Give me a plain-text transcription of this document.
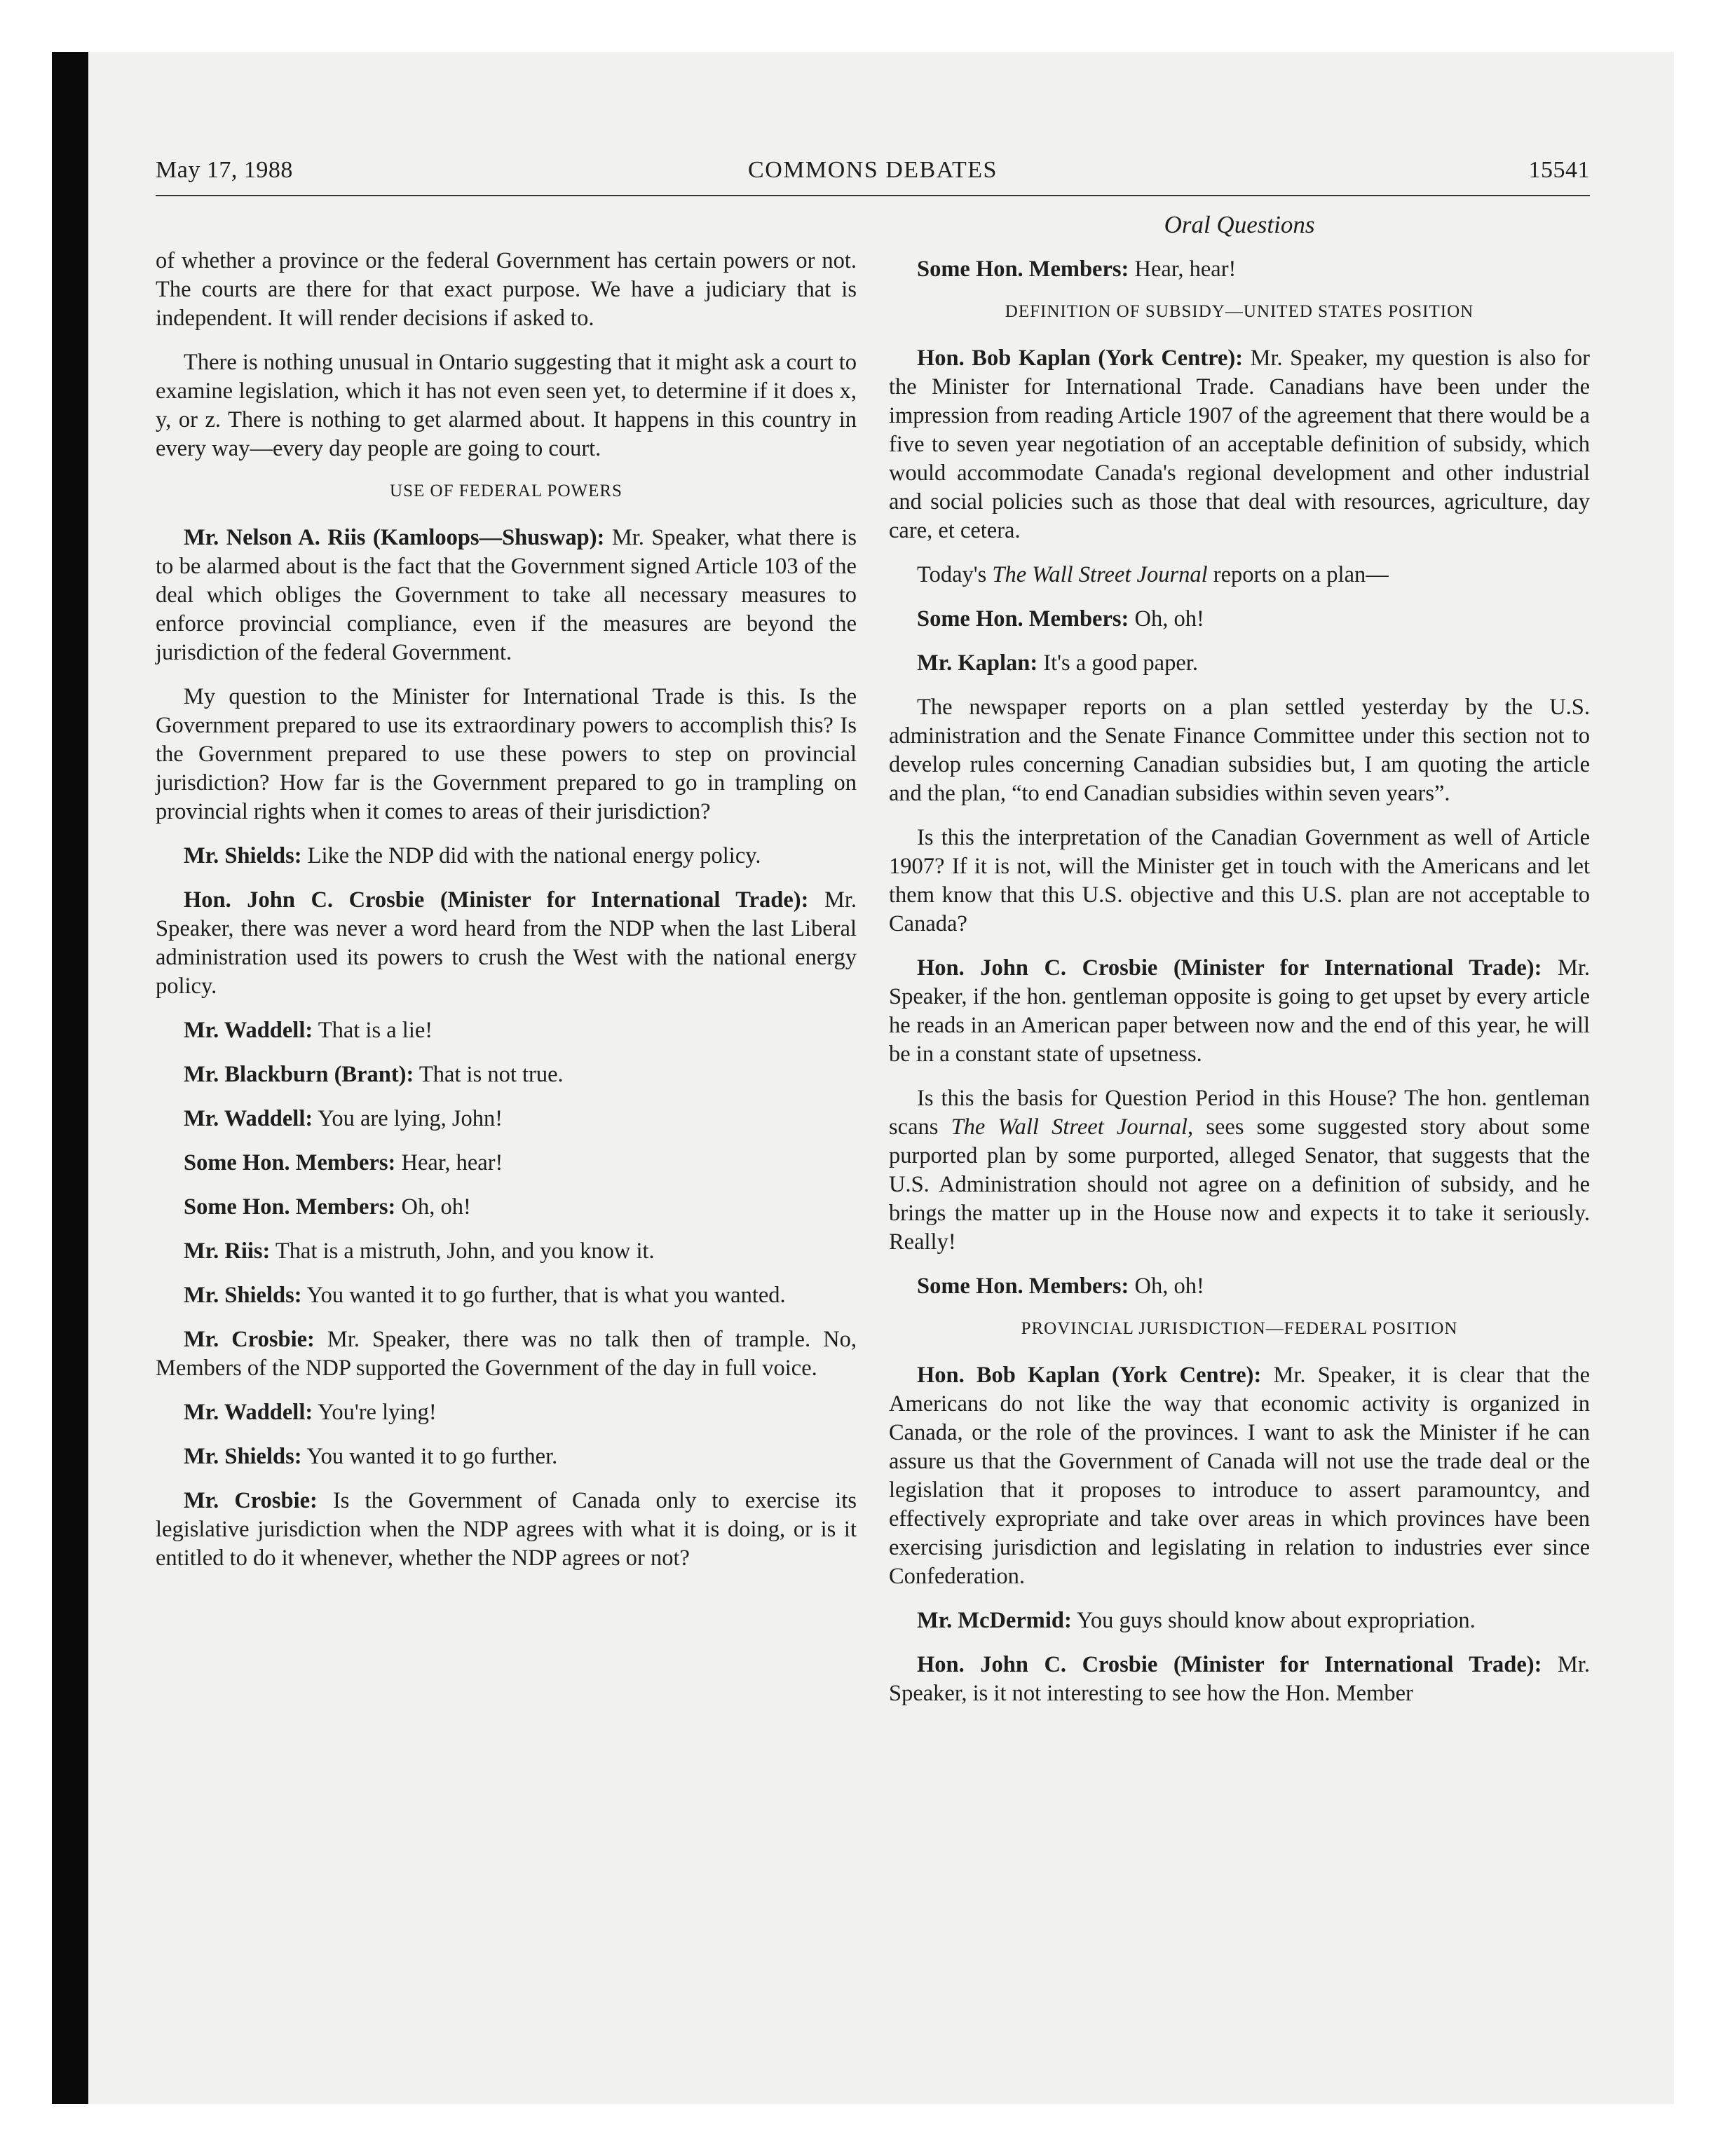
May 17, 1988	COMMONS DEBATES	15541

of whether a province or the federal Government has certain powers or not. The courts are there for that exact purpose. We have a judiciary that is independent. It will render decisions if asked to.

There is nothing unusual in Ontario suggesting that it might ask a court to examine legislation, which it has not even seen yet, to determine if it does x, y, or z. There is nothing to get alarmed about. It happens in this country in every way—every day people are going to court.

USE OF FEDERAL POWERS

Mr. Nelson A. Riis (Kamloops—Shuswap): Mr. Speaker, what there is to be alarmed about is the fact that the Government signed Article 103 of the deal which obliges the Government to take all necessary measures to enforce provincial compliance, even if the measures are beyond the jurisdiction of the federal Government.

My question to the Minister for International Trade is this. Is the Government prepared to use its extraordinary powers to accomplish this? Is the Government prepared to use these powers to step on provincial jurisdiction? How far is the Government prepared to go in trampling on provincial rights when it comes to areas of their jurisdiction?

Mr. Shields: Like the NDP did with the national energy policy.

Hon. John C. Crosbie (Minister for International Trade): Mr. Speaker, there was never a word heard from the NDP when the last Liberal administration used its powers to crush the West with the national energy policy.

Mr. Waddell: That is a lie!

Mr. Blackburn (Brant): That is not true.

Mr. Waddell: You are lying, John!

Some Hon. Members: Hear, hear!

Some Hon. Members: Oh, oh!

Mr. Riis: That is a mistruth, John, and you know it.

Mr. Shields: You wanted it to go further, that is what you wanted.

Mr. Crosbie: Mr. Speaker, there was no talk then of trample. No, Members of the NDP supported the Government of the day in full voice.

Mr. Waddell: You're lying!

Mr. Shields: You wanted it to go further.

Mr. Crosbie: Is the Government of Canada only to exercise its legislative jurisdiction when the NDP agrees with what it is doing, or is it entitled to do it whenever, whether the NDP agrees or not?

Oral Questions

Some Hon. Members: Hear, hear!

DEFINITION OF SUBSIDY—UNITED STATES POSITION

Hon. Bob Kaplan (York Centre): Mr. Speaker, my question is also for the Minister for International Trade. Canadians have been under the impression from reading Article 1907 of the agreement that there would be a five to seven year negotiation of an acceptable definition of subsidy, which would accommodate Canada's regional development and other industrial and social policies such as those that deal with resources, agriculture, day care, et cetera.

Today's The Wall Street Journal reports on a plan—

Some Hon. Members: Oh, oh!

Mr. Kaplan: It's a good paper.

The newspaper reports on a plan settled yesterday by the U.S. administration and the Senate Finance Committee under this section not to develop rules concerning Canadian subsidies but, I am quoting the article and the plan, “to end Canadian subsidies within seven years”.

Is this the interpretation of the Canadian Government as well of Article 1907? If it is not, will the Minister get in touch with the Americans and let them know that this U.S. objective and this U.S. plan are not acceptable to Canada?

Hon. John C. Crosbie (Minister for International Trade): Mr. Speaker, if the hon. gentleman opposite is going to get upset by every article he reads in an American paper between now and the end of this year, he will be in a constant state of upsetness.

Is this the basis for Question Period in this House? The hon. gentleman scans The Wall Street Journal, sees some suggested story about some purported plan by some purported, alleged Senator, that suggests that the U.S. Administration should not agree on a definition of subsidy, and he brings the matter up in the House now and expects it to take it seriously. Really!

Some Hon. Members: Oh, oh!

PROVINCIAL JURISDICTION—FEDERAL POSITION

Hon. Bob Kaplan (York Centre): Mr. Speaker, it is clear that the Americans do not like the way that economic activity is organized in Canada, or the role of the provinces. I want to ask the Minister if he can assure us that the Government of Canada will not use the trade deal or the legislation that it proposes to introduce to assert paramountcy, and effectively expropriate and take over areas in which provinces have been exercising jurisdiction and legislating in relation to industries ever since Confederation.

Mr. McDermid: You guys should know about expropriation.

Hon. John C. Crosbie (Minister for International Trade): Mr. Speaker, is it not interesting to see how the Hon. Member
